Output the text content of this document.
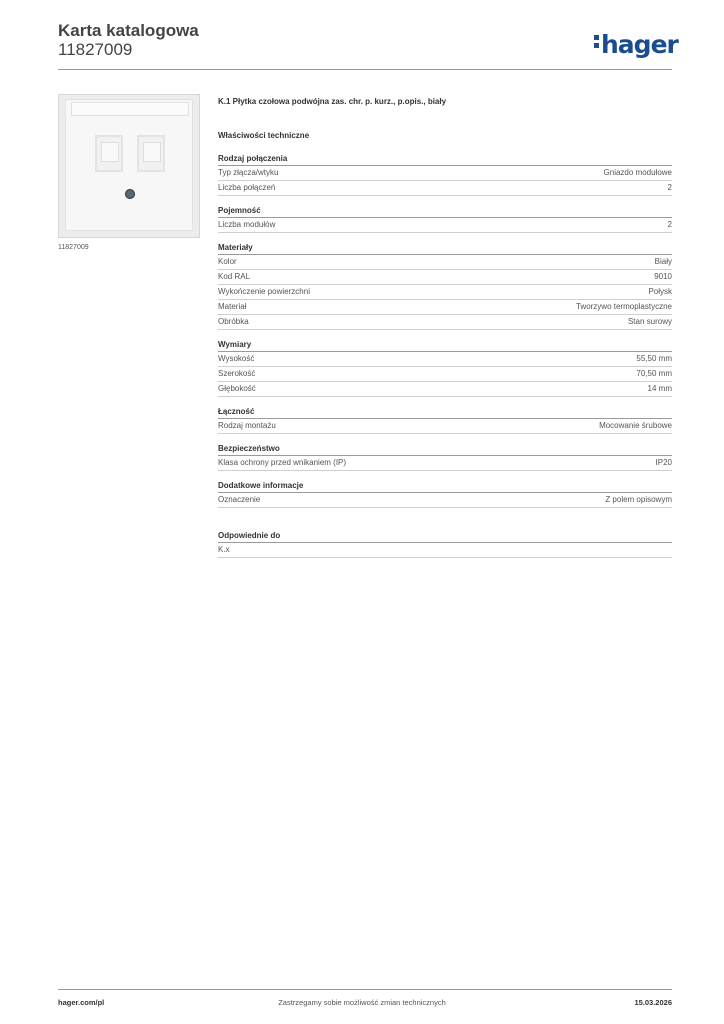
Karta katalogowa
11827009	hager
11827009
K.1 Płytka czołowa podwójna zas. chr. p. kurz., p.opis., biały
Właściwości techniczne
Rodzaj połączenia
Typ złącza/wtyku	Gniazdo modułowe
Liczba połączeń	2
Pojemność
Liczba modułów	2
Materiały
Kolor	Biały
Kod RAL	9010
Wykończenie powierzchni	Połysk
Materiał	Tworzywo termoplastyczne
Obróbka	Stan surowy
Wymiary
Wysokość	55,50 mm
Szerokość	70,50 mm
Głębokość	14 mm
Łączność
Rodzaj montażu	Mocowanie śrubowe
Bezpieczeństwo
Klasa ochrony przed wnikaniem (IP)	IP20
Dodatkowe informacje
Oznaczenie	Z polem opisowym
Odpowiednie do
K.x
hager.com/pl	Zastrzegamy sobie możliwość zmian technicznych	15.03.2026
